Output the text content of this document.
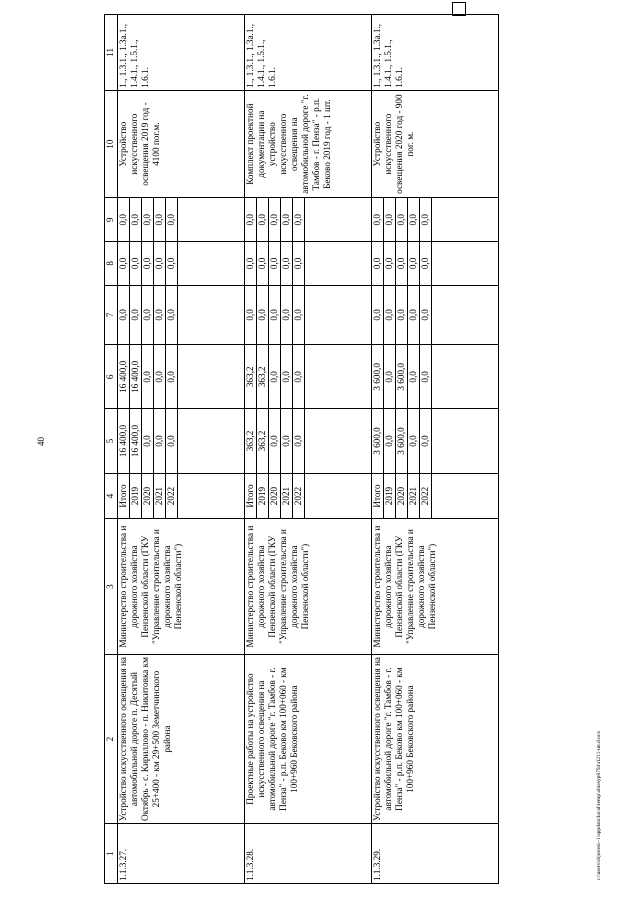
40
c:\users\sbjorosk~1\appdata\local\temp\abiesyp8794\ri211-un.d.ocx
1	2	3	4	5	6	7	8	9	10	11
1.1.3.27.	Устройство искусственного освещения на автомобильной дороге п. Десятый Октябрь - с. Кириллово - п. Никитовка км 25+400 - км 29+500 Земетчинского района	Министерство строительства и дорожного хозяйства Пензенской области (ГКУ "Управление строительства и дорожного хозяйства Пензенской области")	Итого	16 400,0	16 400,0	0,0	0,0	0,0	Устройство искусственного освещения 2019 год - 4100 пог.м.	1., 1.3.1., 1.3а.1., 1.4.1., 1.5.1., 1.6.1.
			2019	16 400,0	16 400,0	0,0	0,0	0,0		
			2020	0,0	0,0	0,0	0,0	0,0		
			2021	0,0	0,0	0,0	0,0	0,0		
			2022	0,0	0,0	0,0	0,0	0,0		

1.1.3.28.	Проектные работы на устройство искусственного освещения на автомобильной дороге "г. Тамбов - г. Пенза" - р.п. Беково км 100+060 - км 100+960 Бековского района	Министерство строительства и дорожного хозяйства Пензенской области (ГКУ "Управление строительства и дорожного хозяйства Пензенской области")	Итого	363,2	363,2	0,0	0,0	0,0	Комплект проектной документации на устройство искусственного освещения на автомобильной дороге "г. Тамбов - г. Пенза" - р.п. Беково 2019 год - 1 шт.	1., 1.3.1., 1.3а.1., 1.4.1., 1.5.1., 1.6.1.
			2019	363,2	363,2	0,0	0,0	0,0		
			2020	0,0	0,0	0,0	0,0	0,0		
			2021	0,0	0,0	0,0	0,0	0,0		
			2022	0,0	0,0	0,0	0,0	0,0		

1.1.3.29.	Устройство искусственного освещения на автомобильной дороге "г. Тамбов - г. Пенза" - р.п. Беково км 100+060 - км 100+960 Бековского района	Министерство строительства и дорожного хозяйства Пензенской области (ГКУ "Управление строительства и дорожного хозяйства Пензенской области")	Итого	3 600,0	3 600,0	0,0	0,0	0,0	Устройство искусственного освещения 2020 год - 900 пог. м.	1., 1.3.1., 1.3а.1., 1.4.1., 1.5.1., 1.6.1.
			2019	0,0	0,0	0,0	0,0	0,0		
			2020	3 600,0	3 600,0	0,0	0,0	0,0		
			2021	0,0	0,0	0,0	0,0	0,0		
			2022	0,0	0,0	0,0	0,0	0,0		
